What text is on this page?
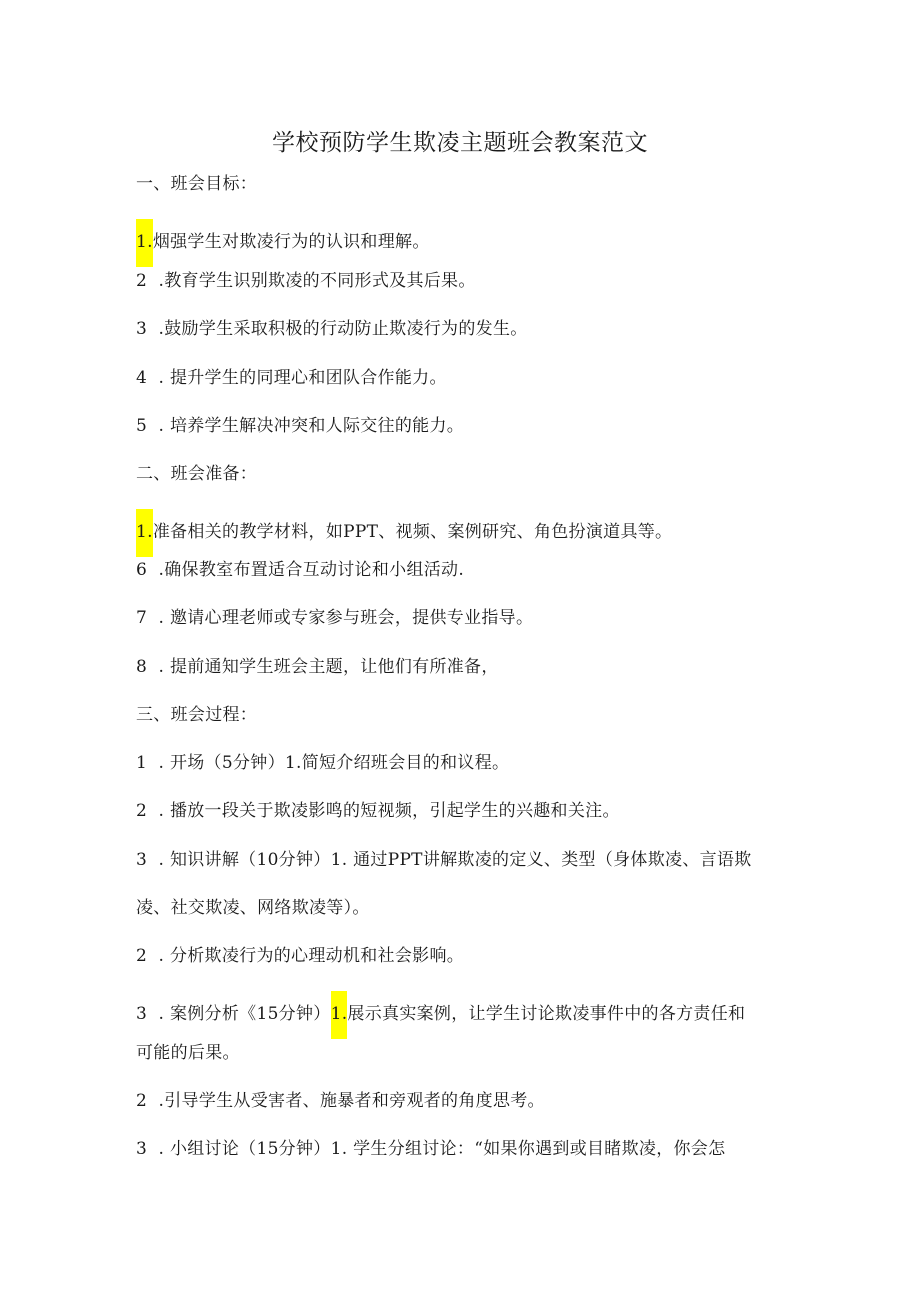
学校预防学生欺凌主题班会教案范文
一、班会目标：
1.烟强学生对欺凌行为的认识和理解。
2 .教育学生识别欺凌的不同形式及其后果。
3 .鼓励学生采取积极的行动防止欺凌行为的发生。
4 . 提升学生的同理心和团队合作能力。
5 . 培养学生解决冲突和人际交往的能力。
二、班会准备：
1.准备相关的教学材料，如PPT、视频、案例研究、角色扮演道具等。
6 .确保教室布置适合互动讨论和小组活动.
7 . 邀请心理老师或专家参与班会，提供专业指导。
8 . 提前通知学生班会主题，让他们有所准备，
三、班会过程：
1 . 开场（5分钟）1.简短介绍班会目的和议程。
2 . 播放一段关于欺凌影鸣的短视频，引起学生的兴趣和关注。
3 . 知识讲解（10分钟）1. 通过PPT讲解欺凌的定义、类型（身体欺凌、言语欺
凌、社交欺凌、网络欺凌等）。
2 . 分析欺凌行为的心理动机和社会影响。
3 . 案例分析《15分钟）1.展示真实案例，让学生讨论欺凌事件中的各方责任和
可能的后果。
2 .引导学生从受害者、施暴者和旁观者的角度思考。
3 . 小组讨论（15分钟）1. 学生分组讨论：“如果你遇到或目睹欺凌，你会怎
